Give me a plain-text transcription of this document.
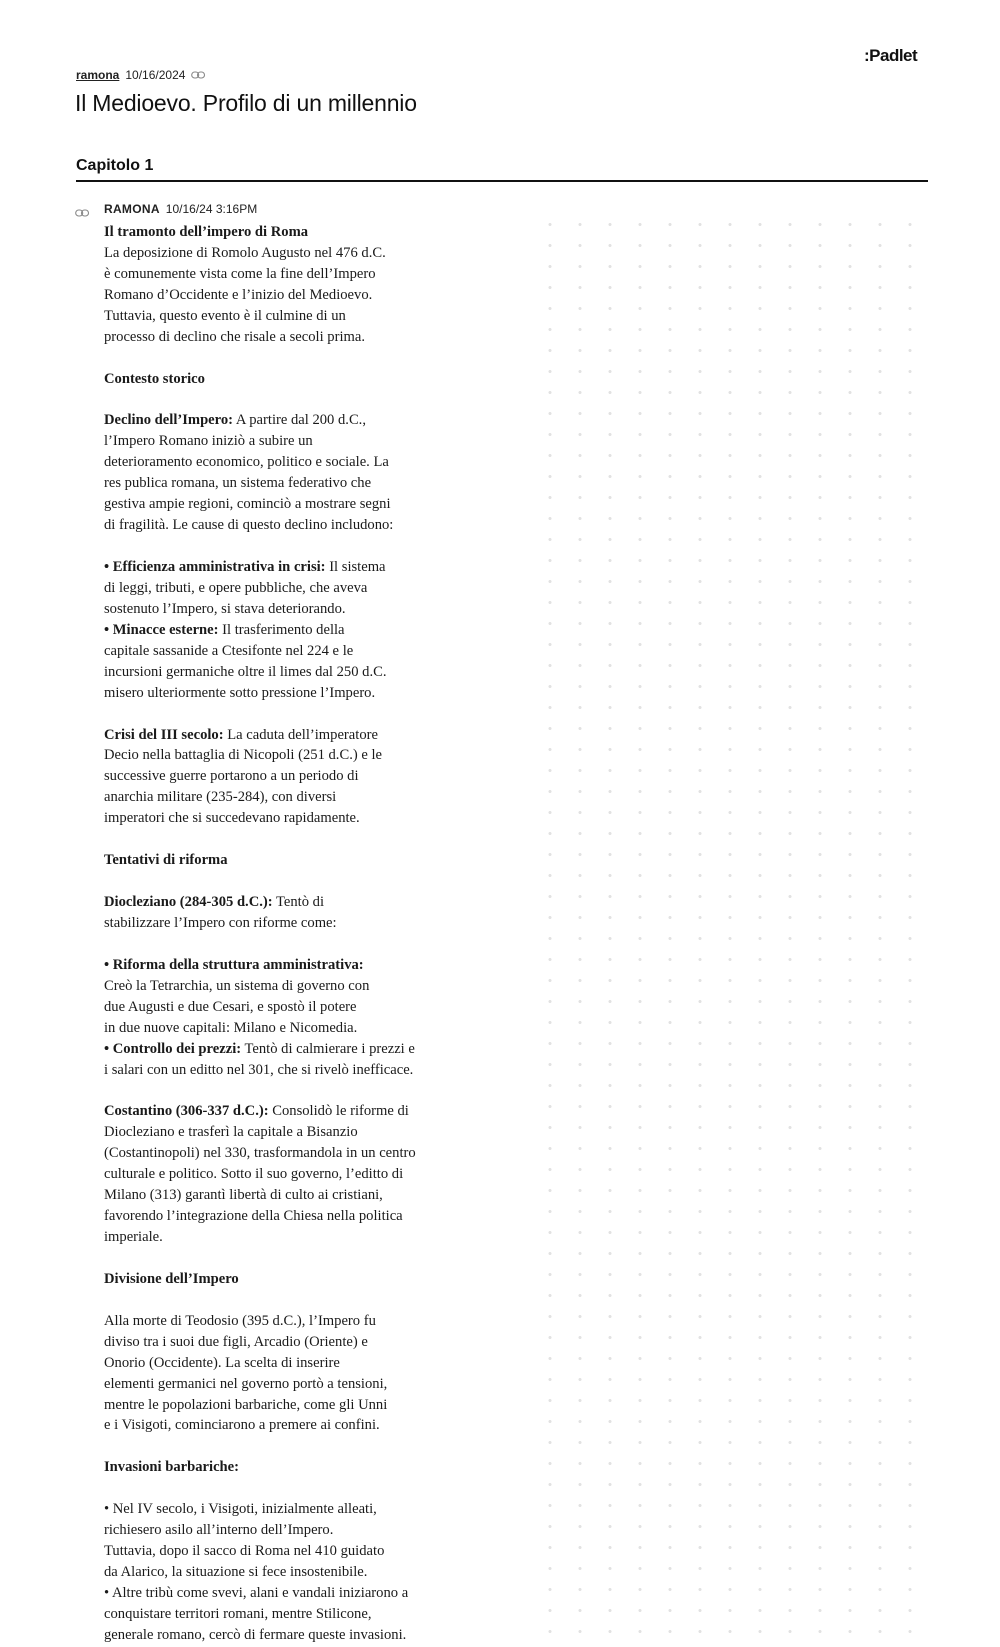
:Padlet
ramona 10/16/2024
Il Medioevo. Profilo di un millennio
Capitolo 1
RAMONA 10/16/24 3:16PM
Il tramonto dell’impero di Roma
La deposizione di Romolo Augusto nel 476 d.C.
è comunemente vista come la fine dell’Impero
Romano d’Occidente e l’inizio del Medioevo.
Tuttavia, questo evento è il culmine di un
processo di declino che risale a secoli prima.
Contesto storico
Declino dell’Impero: A partire dal 200 d.C.,
l’Impero Romano iniziò a subire un
deterioramento economico, politico e sociale. La
res publica romana, un sistema federativo che
gestiva ampie regioni, cominciò a mostrare segni
di fragilità. Le cause di questo declino includono:
• Efficienza amministrativa in crisi: Il sistema
di leggi, tributi, e opere pubbliche, che aveva
sostenuto l’Impero, si stava deteriorando.
• Minacce esterne: Il trasferimento della
capitale sassanide a Ctesifonte nel 224 e le
incursioni germaniche oltre il limes dal 250 d.C.
misero ulteriormente sotto pressione l’Impero.
Crisi del III secolo: La caduta dell’imperatore
Decio nella battaglia di Nicopoli (251 d.C.) e le
successive guerre portarono a un periodo di
anarchia militare (235-284), con diversi
imperatori che si succedevano rapidamente.
Tentativi di riforma
Diocleziano (284-305 d.C.): Tentò di
stabilizzare l’Impero con riforme come:
• Riforma della struttura amministrativa:
Creò la Tetrarchia, un sistema di governo con
due Augusti e due Cesari, e spostò il potere
in due nuove capitali: Milano e Nicomedia.
• Controllo dei prezzi: Tentò di calmierare i prezzi e
i salari con un editto nel 301, che si rivelò inefficace.
Costantino (306-337 d.C.): Consolidò le riforme di
Diocleziano e trasferì la capitale a Bisanzio
(Costantinopoli) nel 330, trasformandola in un centro
culturale e politico. Sotto il suo governo, l’editto di
Milano (313) garantì libertà di culto ai cristiani,
favorendo l’integrazione della Chiesa nella politica
imperiale.
Divisione dell’Impero
Alla morte di Teodosio (395 d.C.), l’Impero fu
diviso tra i suoi due figli, Arcadio (Oriente) e
Onorio (Occidente). La scelta di inserire
elementi germanici nel governo portò a tensioni,
mentre le popolazioni barbariche, come gli Unni
e i Visigoti, cominciarono a premere ai confini.
Invasioni barbariche:
• Nel IV secolo, i Visigoti, inizialmente alleati,
richiesero asilo all’interno dell’Impero.
Tuttavia, dopo il sacco di Roma nel 410 guidato
da Alarico, la situazione si fece insostenibile.
• Altre tribù come svevi, alani e vandali iniziarono a
conquistare territori romani, mentre Stilicone,
generale romano, cercò di fermare queste invasioni.
